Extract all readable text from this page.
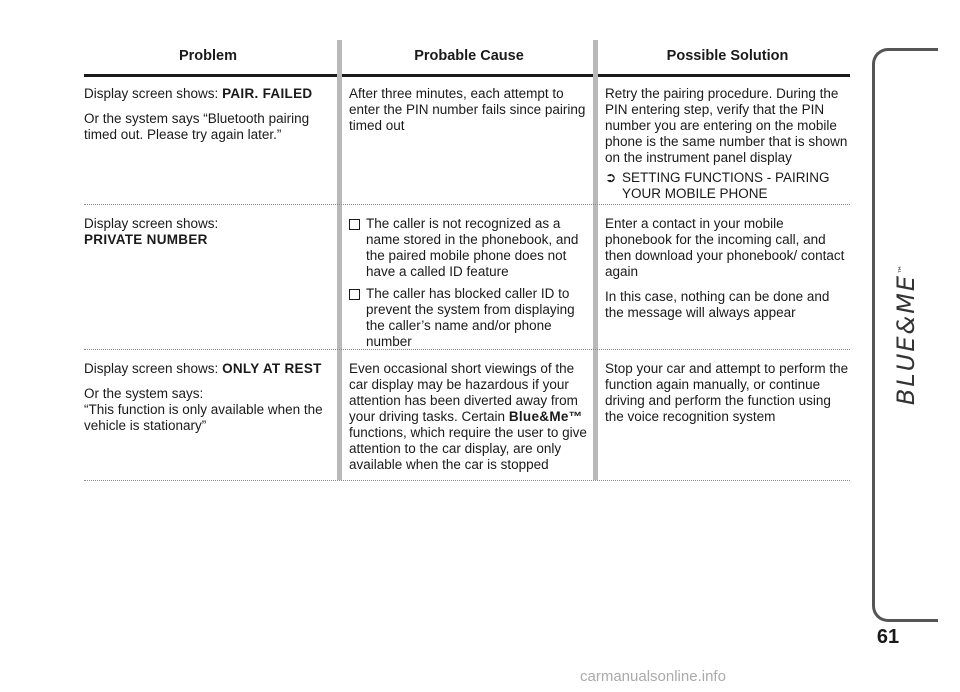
Problem	Probable Cause	Possible Solution

Display screen shows: PAIR. FAILED

Or the system says “Bluetooth pairing timed out. Please try again later.”

After three minutes, each attempt to enter the PIN number fails since pairing timed out

Retry the pairing procedure. During the PIN entering step, verify that the PIN number you are entering on the mobile phone is the same number that is shown on the instrument panel display

➲ SETTING FUNCTIONS - PAIRING YOUR MOBILE PHONE

Display screen shows:
PRIVATE NUMBER

The caller is not recognized as a name stored in the phonebook, and the paired mobile phone does not have a called ID feature
The caller has blocked caller ID to prevent the system from displaying the caller’s name and/or phone number

Enter a contact in your mobile phonebook for the incoming call, and then download your phonebook/ contact again

In this case, nothing can be done and the message will always appear

Display screen shows: ONLY AT REST

Or the system says:

“This function is only available when the vehicle is stationary”

Even occasional short viewings of the car display may be hazardous if your attention has been diverted away from your driving tasks. Certain Blue&Me™ functions, which require the user to give attention to the car display, are only available when the car is stopped

Stop your car and attempt to perform the function again manually, or continue driving and perform the function using the voice recognition system

BLUE&ME™
61
carmanualsonline.info
